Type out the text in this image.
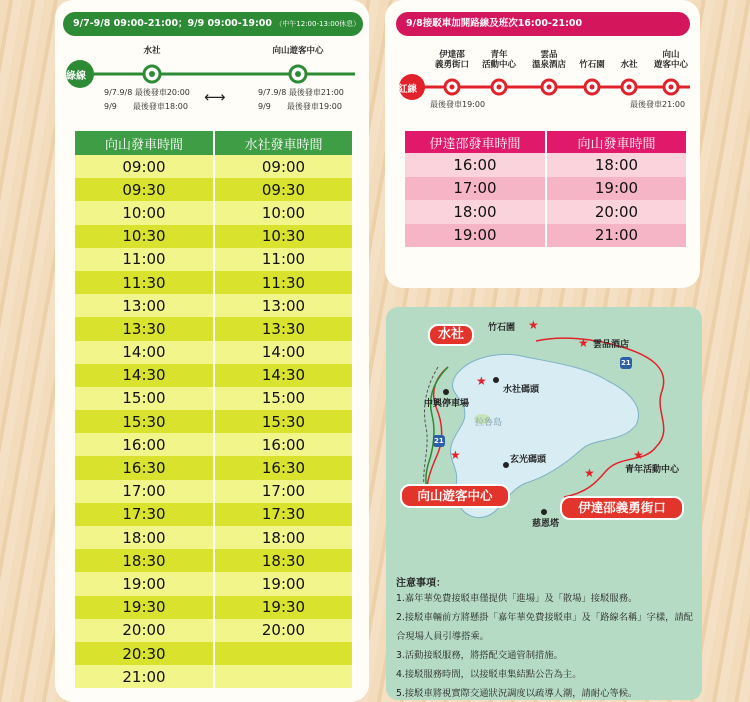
9/7-9/8 09:00-21:00；9/9 09:00-19:00 （中午12:00-13:00休息）
綠線
水社	向山遊客中心
9/7.9/8 最後發車20:00
9/9　　最後發車18:00
⟷	9/7.9/8 最後發車21:00
9/9　　最後發車19:00
向山發車時間	水社發車時間
09:00	09:00
09:30	09:30
10:00	10:00
10:30	10:30
11:00	11:00
11:30	11:30
13:00	13:00
13:30	13:30
14:00	14:00
14:30	14:30
15:00	15:00
15:30	15:30
16:00	16:00
16:30	16:30
17:00	17:00
17:30	17:30
18:00	18:00
18:30	18:30
19:00	19:00
19:30	19:30
20:00	20:00
20:30	
21:00	
9/8接駁車加開路線及班次16:00-21:00
紅線
伊達邵
義勇街口
青年
活動中心
雲品
溫泉酒店	竹石園	水社
向山
遊客中心
最後發車19:00	最後發車21:00
伊達邵發車時間	向山發車時間
16:00	18:00
17:00	19:00
18:00	20:00
19:00	21:00
★
★
★
★
★
★
21
21
水社
向山遊客中心
伊達邵義勇街口
竹石園
雲品酒店
水社碼頭
中興停車場
拉魯島
玄光碼頭
青年活動中心
慈恩塔
注意事項：
1.嘉年華免費接駁車僅提供「進場」及「散場」接駁服務。
2.接駁車輛前方將懸掛「嘉年華免費接駁車」及「路線名稱」字樣，請配合現場人員引導搭乘。
3.活動接駁服務，將搭配交通管制措施。
4.接駁服務時間，以接駁車集結點公告為主。
5.接駁車將視實際交通狀況調度以疏導人潮，請耐心等候。
